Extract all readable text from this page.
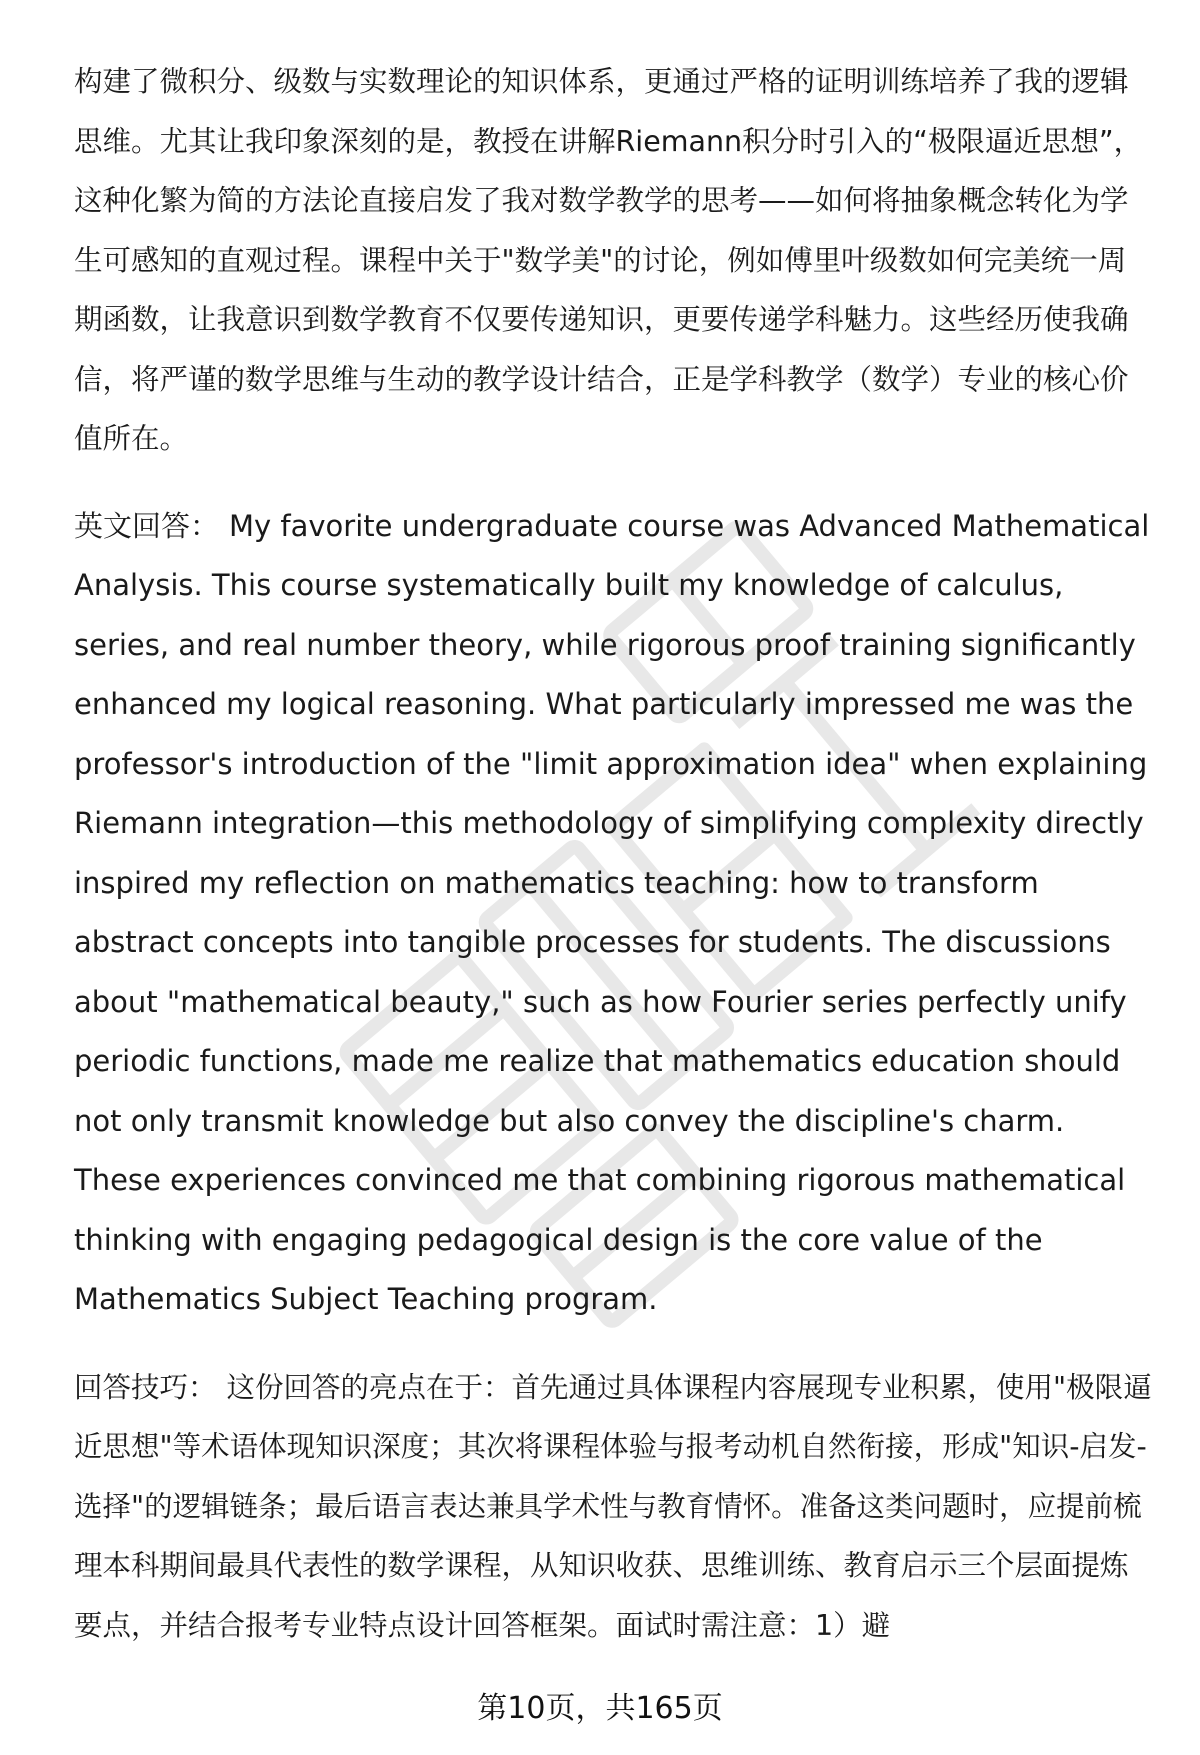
构建了微积分、级数与实数理论的知识体系，更通过严格的证明训练培养了我的逻辑思维。尤其让我印象深刻的是，教授在讲解Riemann积分时引入的“极限逼近思想”，这种化繁为简的方法论直接启发了我对数学教学的思考——如何将抽象概念转化为学生可感知的直观过程。课程中关于"数学美"的讨论，例如傅里叶级数如何完美统一周期函数，让我意识到数学教育不仅要传递知识，更要传递学科魅力。这些经历使我确信，将严谨的数学思维与生动的教学设计结合，正是学科教学（数学）专业的核心价值所在。

英文回答： My favorite undergraduate course was Advanced Mathematical Analysis. This course systematically built my knowledge of calculus, series, and real number theory, while rigorous proof training significantly enhanced my logical reasoning. What particularly impressed me was the professor's introduction of the "limit approximation idea" when explaining Riemann integration—this methodology of simplifying complexity directly inspired my reflection on mathematics teaching: how to transform abstract concepts into tangible processes for students. The discussions about "mathematical beauty," such as how Fourier series perfectly unify periodic functions, made me realize that mathematics education should not only transmit knowledge but also convey the discipline's charm. These experiences convinced me that combining rigorous mathematical thinking with engaging pedagogical design is the core value of the Mathematics Subject Teaching program.

回答技巧： 这份回答的亮点在于：首先通过具体课程内容展现专业积累，使用"极限逼近思想"等术语体现知识深度；其次将课程体验与报考动机自然衔接，形成"知识-启发-选择"的逻辑链条；最后语言表达兼具学术性与教育情怀。准备这类问题时，应提前梳理本科期间最具代表性的数学课程，从知识收获、思维训练、教育启示三个层面提炼要点，并结合报考专业特点设计回答框架。面试时需注意：1）避

第10页，共165页
